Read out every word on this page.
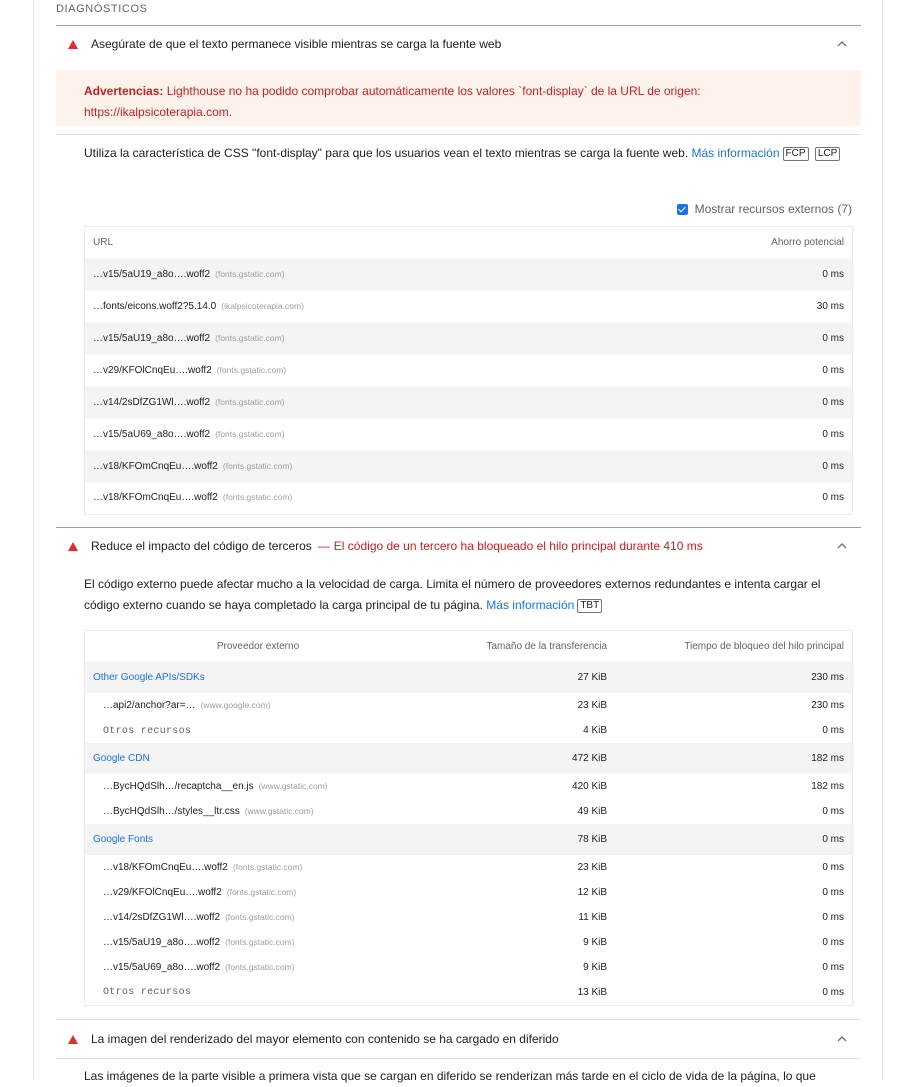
DIAGNÓSTICOS
Asegúrate de que el texto permanece visible mientras se carga la fuente web
Advertencias: Lighthouse no ha podido comprobar automáticamente los valores `font-display` de la URL de origen: https://ikalpsicoterapia.com.
Utiliza la característica de CSS "font-display" para que los usuarios vean el texto mientras se carga la fuente web. Más información FCP LCP
Mostrar recursos externos (7)
URL	Ahorro potencial
…v15/5aU19_a8o….woff2 (fonts.gstatic.com)	0 ms
…fonts/eicons.woff2?5.14.0 (ikalpsicoterapia.com)	30 ms
…v15/5aU19_a8o….woff2 (fonts.gstatic.com)	0 ms
…v29/KFOlCnqEu….woff2 (fonts.gstatic.com)	0 ms
…v14/2sDfZG1Wl….woff2 (fonts.gstatic.com)	0 ms
…v15/5aU69_a8o….woff2 (fonts.gstatic.com)	0 ms
…v18/KFOmCnqEu….woff2 (fonts.gstatic.com)	0 ms
…v18/KFOmCnqEu….woff2 (fonts.gstatic.com)	0 ms
Reduce el impacto del código de terceros — El código de un tercero ha bloqueado el hilo principal durante 410 ms
El código externo puede afectar mucho a la velocidad de carga. Limita el número de proveedores externos redundantes e intenta cargar el código externo cuando se haya completado la carga principal de tu página. Más información TBT
Proveedor externo	Tamaño de la transferencia	Tiempo de bloqueo del hilo principal
Other Google APIs/SDKs	27 KiB	230 ms
…api2/anchor?ar=… (www.google.com)	23 KiB	230 ms
Otros recursos	4 KiB	0 ms
Google CDN	472 KiB	182 ms
…BycHQdSlh…/recaptcha__en.js (www.gstatic.com)	420 KiB	182 ms
…BycHQdSlh…/styles__ltr.css (www.gstatic.com)	49 KiB	0 ms
Google Fonts	78 KiB	0 ms
…v18/KFOmCnqEu….woff2 (fonts.gstatic.com)	23 KiB	0 ms
…v29/KFOlCnqEu….woff2 (fonts.gstatic.com)	12 KiB	0 ms
…v14/2sDfZG1Wl….woff2 (fonts.gstatic.com)	11 KiB	0 ms
…v15/5aU19_a8o….woff2 (fonts.gstatic.com)	9 KiB	0 ms
…v15/5aU69_a8o….woff2 (fonts.gstatic.com)	9 KiB	0 ms
Otros recursos	13 KiB	0 ms
La imagen del renderizado del mayor elemento con contenido se ha cargado en diferido
Las imágenes de la parte visible a primera vista que se cargan en diferido se renderizan más tarde en el ciclo de vida de la página, lo que
